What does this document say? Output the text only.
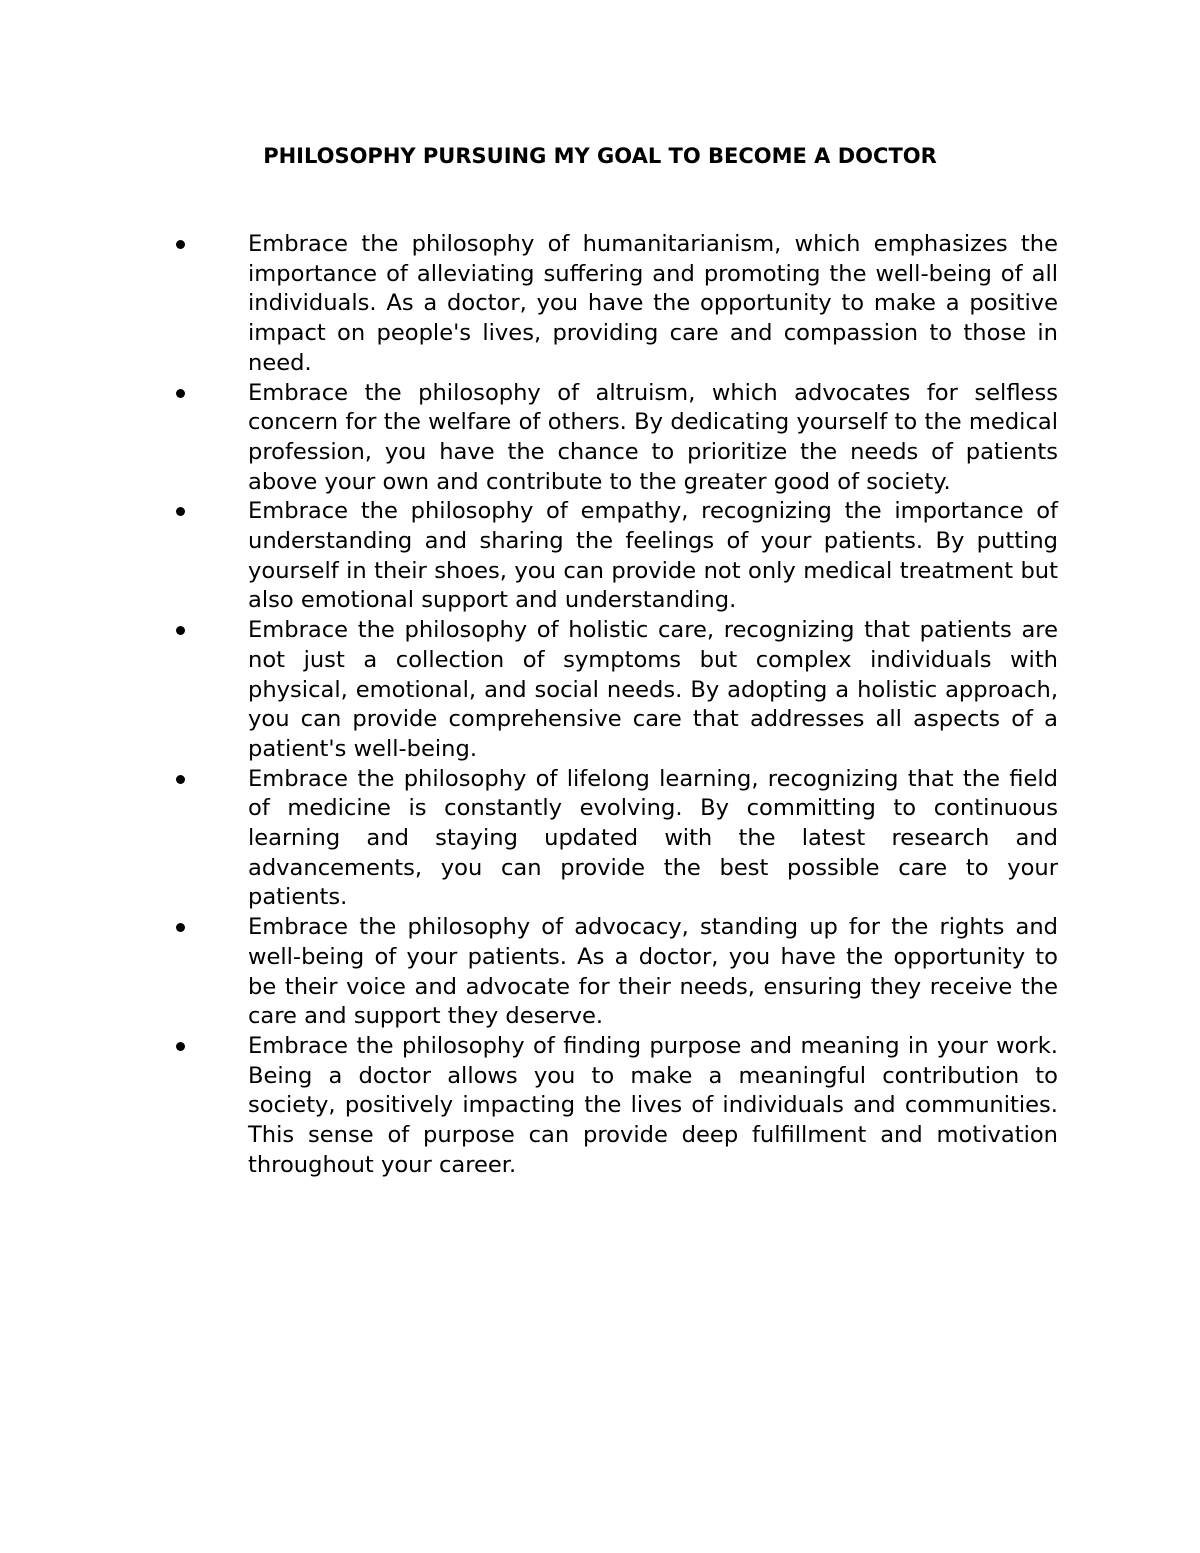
PHILOSOPHY PURSUING MY GOAL TO BECOME A DOCTOR
Embrace the philosophy of humanitarianism, which emphasizes the importance of alleviating suffering and promoting the well-being of all individuals. As a doctor, you have the opportunity to make a positive impact on people's lives, providing care and compassion to those in need.
Embrace the philosophy of altruism, which advocates for selfless concern for the welfare of others. By dedicating yourself to the medical profession, you have the chance to prioritize the needs of patients above your own and contribute to the greater good of society.
Embrace the philosophy of empathy, recognizing the importance of understanding and sharing the feelings of your patients. By putting yourself in their shoes, you can provide not only medical treatment but also emotional support and understanding.
Embrace the philosophy of holistic care, recognizing that patients are not just a collection of symptoms but complex individuals with physical, emotional, and social needs. By adopting a holistic approach, you can provide comprehensive care that addresses all aspects of a patient's well-being.
Embrace the philosophy of lifelong learning, recognizing that the field of medicine is constantly evolving. By committing to continuous learning and staying updated with the latest research and advancements, you can provide the best possible care to your patients.
Embrace the philosophy of advocacy, standing up for the rights and well-being of your patients. As a doctor, you have the opportunity to be their voice and advocate for their needs, ensuring they receive the care and support they deserve.
Embrace the philosophy of finding purpose and meaning in your work. Being a doctor allows you to make a meaningful contribution to society, positively impacting the lives of individuals and communities. This sense of purpose can provide deep fulfillment and motivation throughout your career.
